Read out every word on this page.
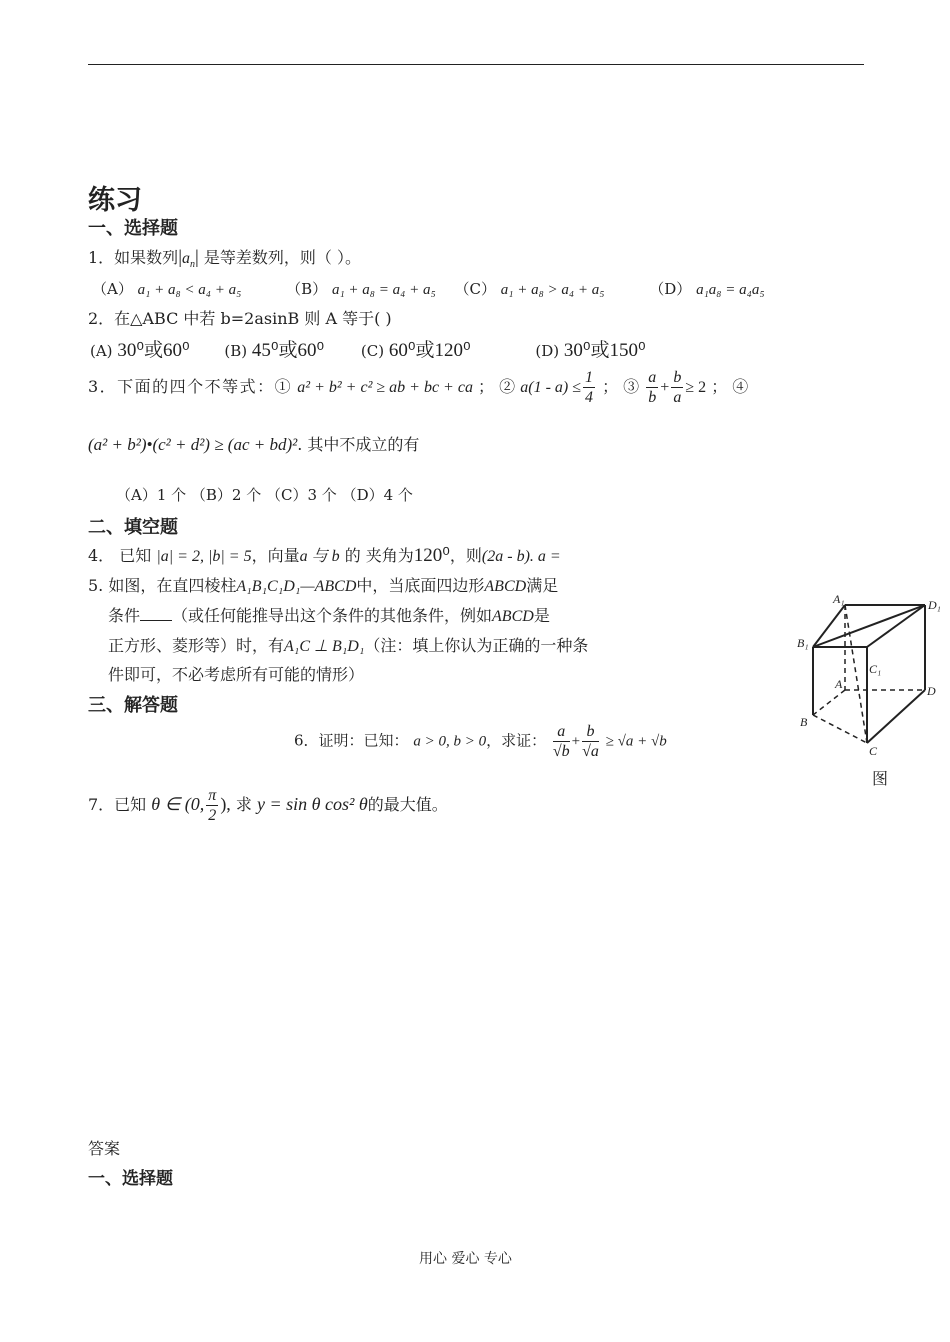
练习
一、选择题
1．如果数列$|a_n|$ 是等差数列，则（ ）。
（A） a₁ + a₈ < a₄ + a₅	（B） a₁ + a₈ = a₄ + a₅ （C） a₁ + a₈ > a₄ + a₅	（D） a₁a₈ = a₄a₅
2．在△ABC 中若 b=2asinB 则 A 等于( )
(A) 30⁰或60⁰ (B) 45⁰或60⁰ (C) 60⁰或120⁰	(D) 30⁰或150⁰
3．下面的四个不等式：① a² + b² + c² ≥ ab + bc + ca ； ② $a(1 - a) \le \frac{1}{4}$ ； ③ $\frac{a}{b} + \frac{b}{a} \ge 2$ ； ④
(a² + b²)•(c² + d²) ≥ (ac + bd)². 其中不成立的有
（A）1 个 （B）2 个 （C）3 个 （D）4 个
二、填空题
4． 已知 |a| = 2, |b| = 5，向量a 与 b 的 夹角为120⁰，则(2a - b). a =
5. 如图，在直四棱柱A₁B₁C₁D₁—ABCD中，当底面四边形ABCD满足
条件 （或任何能推导出这个条件的其他条件，例如ABCD是
正方形、菱形等）时，有A₁C ⊥ B₁D₁（注：填上你认为正确的一种条
件即可，不必考虑所有可能的情形）
A₁	D₁
B₁
C₁
A	D
B
C
图
三、解答题
6．证明：已知： a > 0, b > 0，求证： $\frac{a}{√b} + \frac{b}{√a} \ge √a + √b$
7．已知 θ ∈ (0, $\frac{\pi}{2}$ ), 求 y = sin θ cos² θ的最大值。
答案
一、选择题
用心 爱心 专心
